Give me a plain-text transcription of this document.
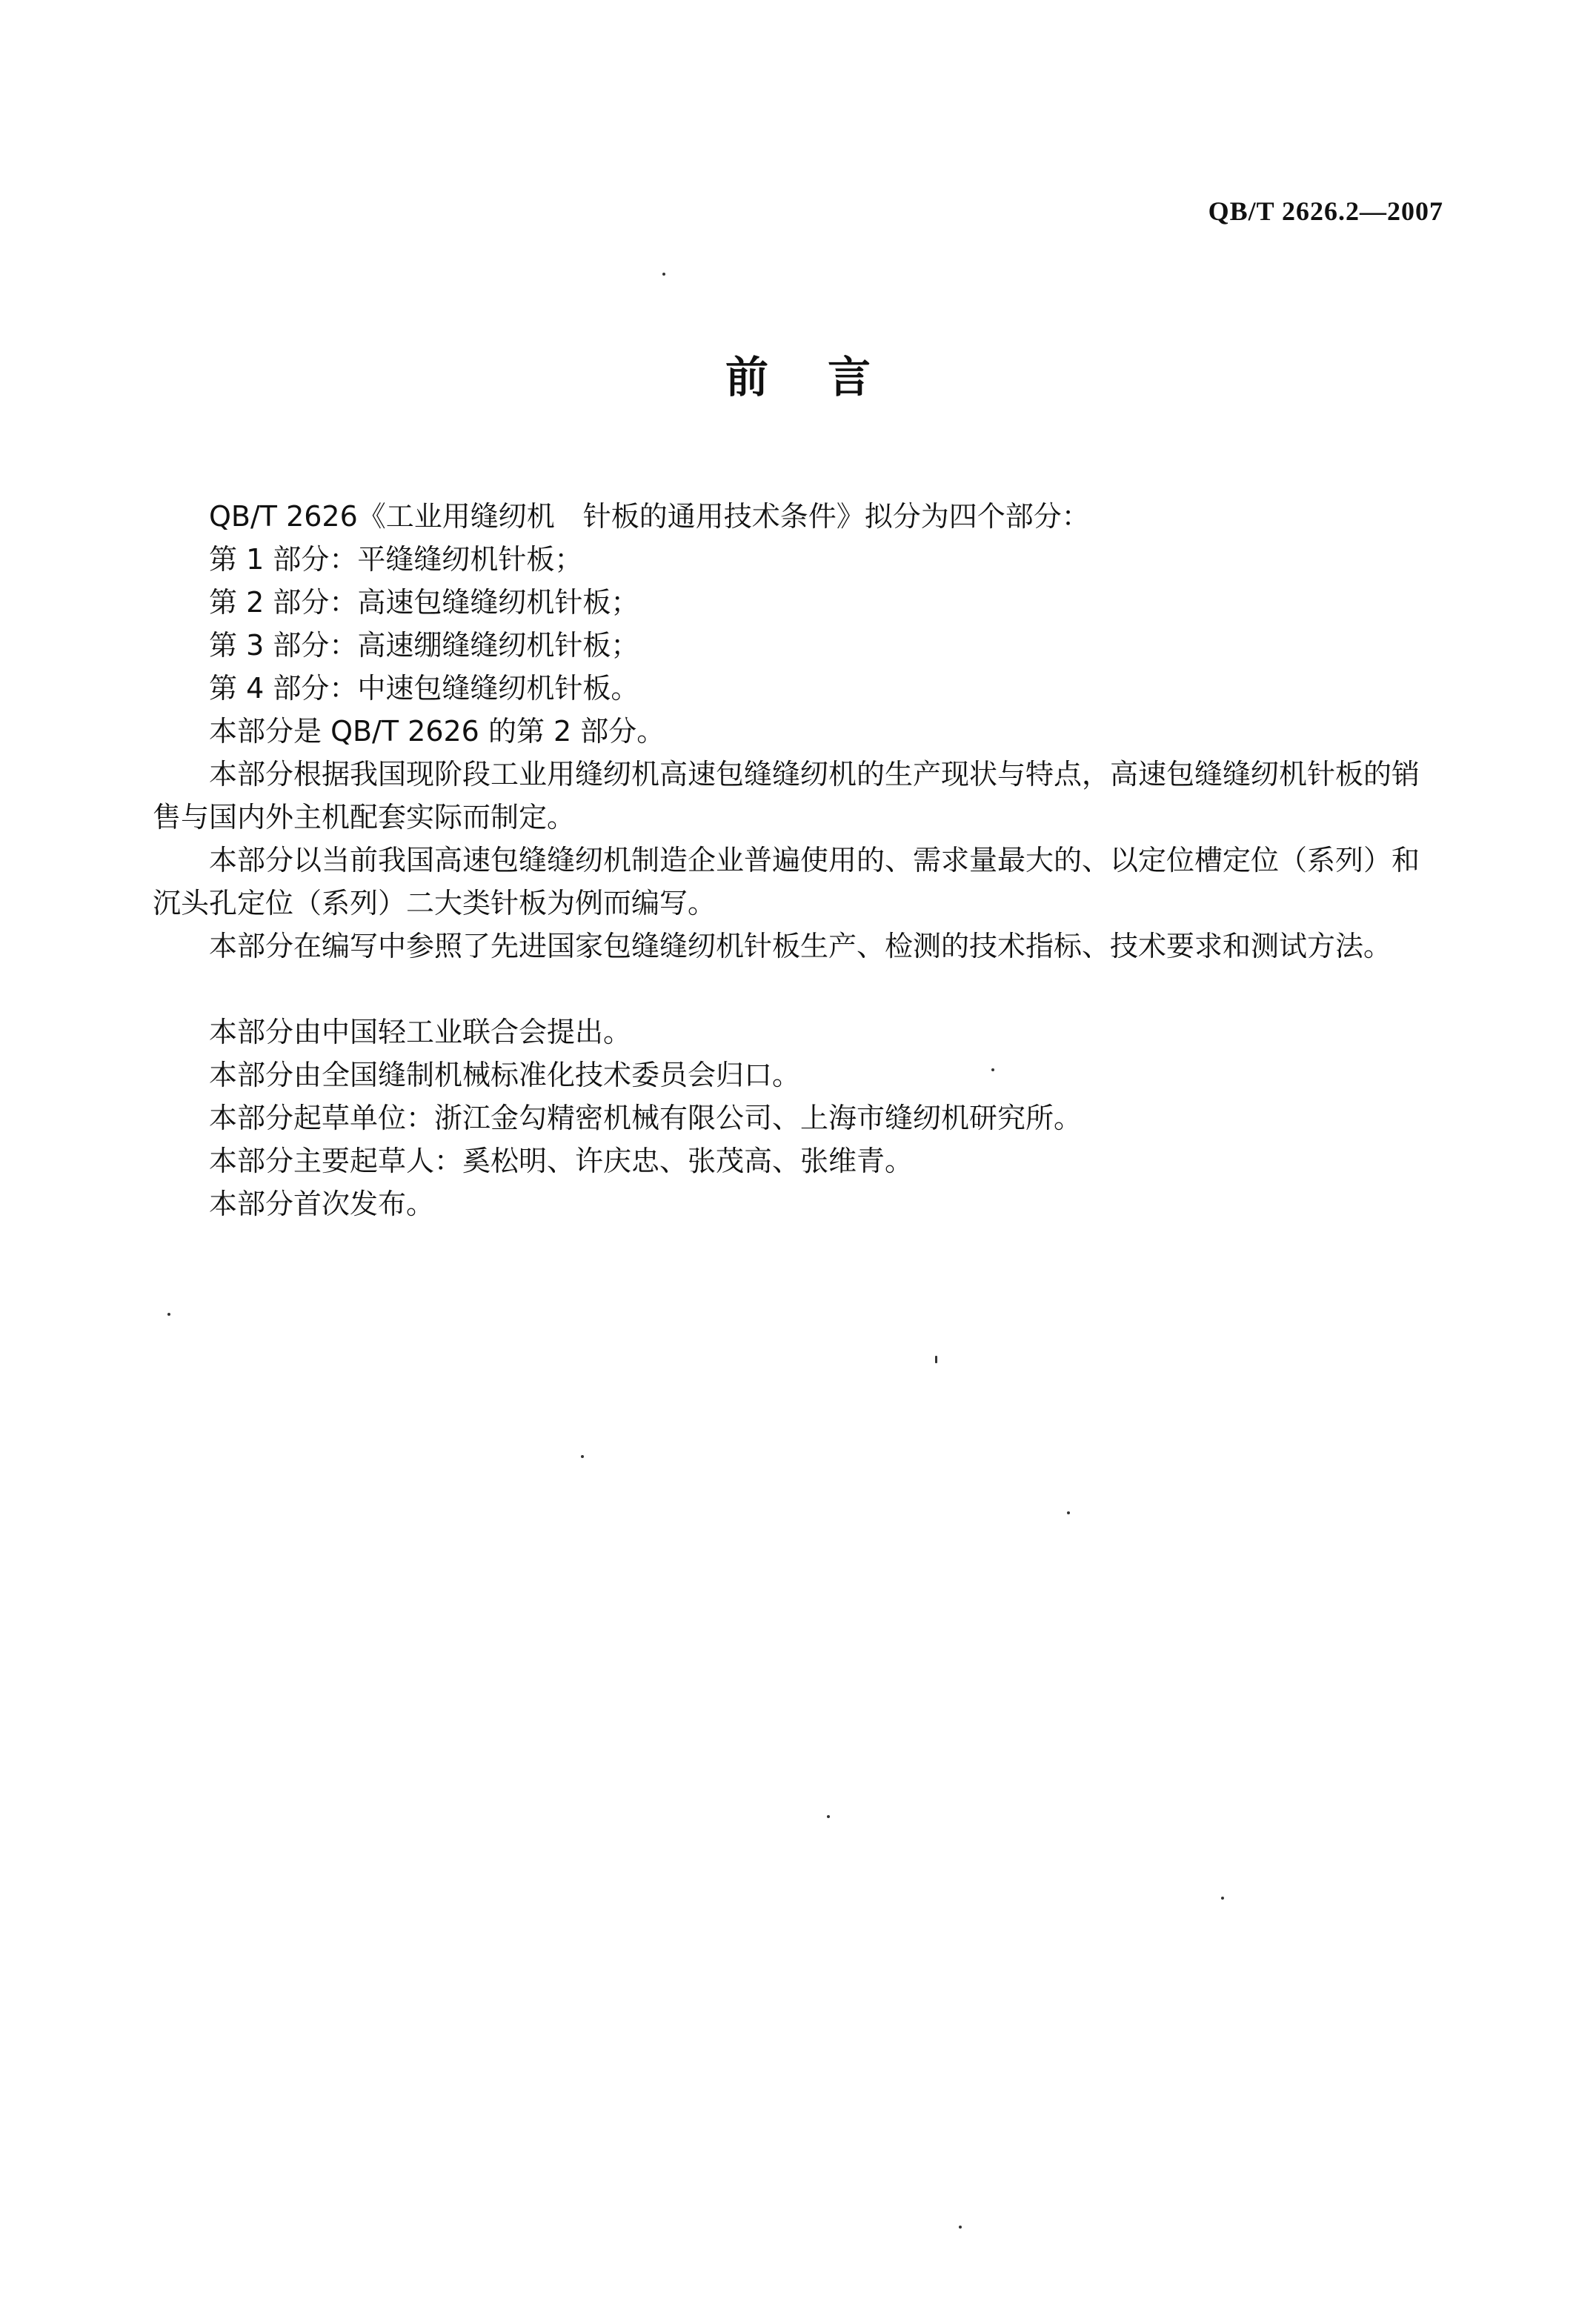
QB/T 2626.2—2007
前言

QB/T 2626《工业用缝纫机　针板的通用技术条件》拟分为四个部分：

第 1 部分：平缝缝纫机针板；

第 2 部分：高速包缝缝纫机针板；

第 3 部分：高速绷缝缝纫机针板；

第 4 部分：中速包缝缝纫机针板。

本部分是 QB/T 2626 的第 2 部分。

本部分根据我国现阶段工业用缝纫机高速包缝缝纫机的生产现状与特点，高速包缝缝纫机针板的销售与国内外主机配套实际而制定。

本部分以当前我国高速包缝缝纫机制造企业普遍使用的、需求量最大的、以定位槽定位（系列）和沉头孔定位（系列）二大类针板为例而编写。

本部分在编写中参照了先进国家包缝缝纫机针板生产、检测的技术指标、技术要求和测试方法。

本部分由中国轻工业联合会提出。

本部分由全国缝制机械标准化技术委员会归口。

本部分起草单位：浙江金勾精密机械有限公司、上海市缝纫机研究所。

本部分主要起草人：奚松明、许庆忠、张茂高、张维青。

本部分首次发布。
